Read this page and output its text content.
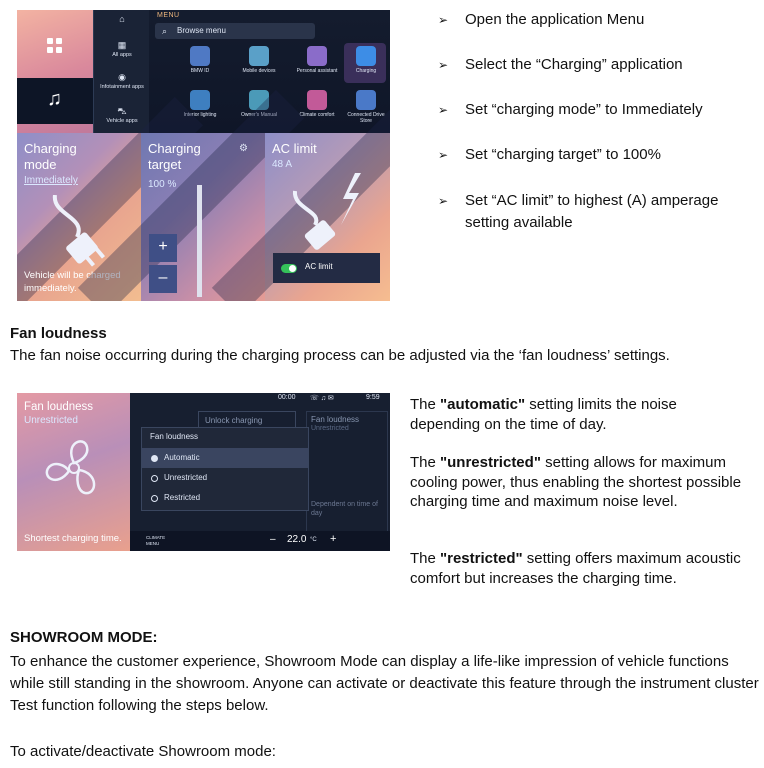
♫
⌂
▦
All apps
◉
Infotainment apps
⛍
Vehicle apps
MENU
⌕ Browse menu
BMW ID	Mobile devices	Personal assistant	Charging
Interior lighting	Owner's Manual	Climate comfort	Connected Drive Store
Charging mode
Immediately
Vehicle will be charged immediately.
Charging target
⚙
100 %
+
–
AC limit
48 A
AC limit
➢ Open the application Menu
➢ Select the “Charging” application
➢ Set “charging mode” to Immediately
➢ Set “charging target” to 100%
➢ Set “AC limit” to highest (A) amperage setting available
Fan loudness
The fan noise occurring during the charging process can be adjusted via the ‘fan loudness’ settings.
Fan loudness
Unrestricted
Shortest charging time.
Unlock charging	Fan loudness
Unrestricted
Dependent on time of day
00:00 ☏ ♫ ✉	9:59
Fan loudness
Automatic
Unrestricted
Restricted
CLIMATE MENU	– 22.0 °C +
The "automatic" setting limits the noise depending on the time of day.
The "unrestricted" setting allows for maximum cooling power, thus enabling the shortest possible charging time and maximum noise level.
The "restricted" setting offers maximum acoustic comfort but increases the charging time.
SHOWROOM MODE:
To enhance the customer experience, Showroom Mode can display a life-like impression of vehicle functions while still standing in the showroom. Anyone can activate or deactivate this feature through the instrument cluster Test function following the steps below.
To activate/deactivate Showroom mode:
